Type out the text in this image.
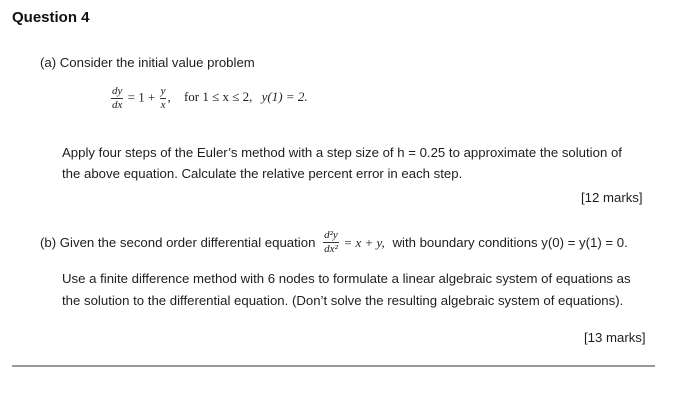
Question 4
(a) Consider the initial value problem
$\frac{dy}{dx} = 1 + \frac{y}{x}$ , for 1 ≤ x ≤ 2, y(1) = 2.
Apply four steps of the Euler’s method with a step size of h = 0.25 to approximate the solution of
the above equation. Calculate the relative percent error in each step.
[12 marks]
(b) Given the second order differential equation $\frac{\text{d²y}}{\text{dx²}} = x + y$, with boundary conditions y(0) = y(1) = 0.
Use a finite difference method with 6 nodes to formulate a linear algebraic system of equations as
the solution to the differential equation. (Don’t solve the resulting algebraic system of equations).
[13 marks]
